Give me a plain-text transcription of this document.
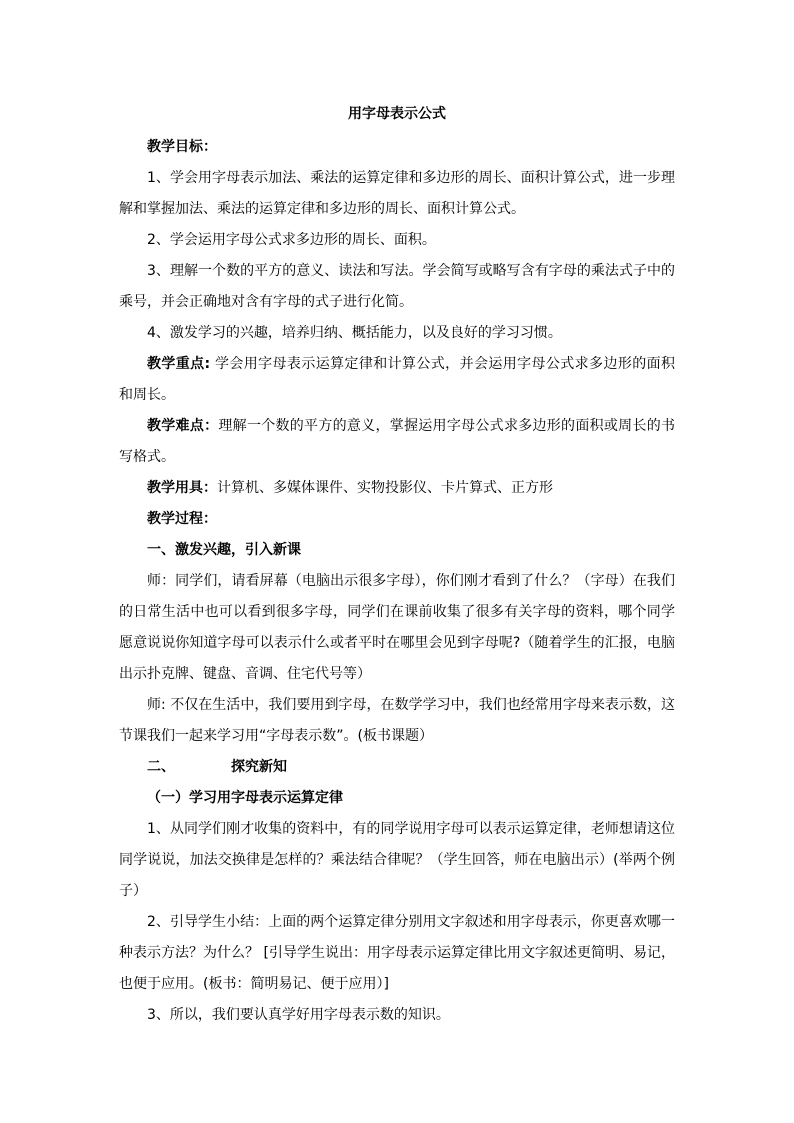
用字母表示公式

教学目标：

1、学会用字母表示加法、乘法的运算定律和多边形的周长、面积计算公式，进一步理解和掌握加法、乘法的运算定律和多边形的周长、面积计算公式。

2、学会运用字母公式求多边形的周长、面积。

3、理解一个数的平方的意义、读法和写法。学会简写或略写含有字母的乘法式子中的乘号，并会正确地对含有字母的式子进行化简。

4、激发学习的兴趣，培养归纳、概括能力，以及良好的学习习惯。

教学重点: 学会用字母表示运算定律和计算公式，并会运用字母公式求多边形的面积和周长。

教学难点：理解一个数的平方的意义，掌握运用字母公式求多边形的面积或周长的书写格式。

教学用具：计算机、多媒体课件、实物投影仪、卡片算式、正方形

教学过程：

一、激发兴趣，引入新课

师：同学们，请看屏幕（电脑出示很多字母），你们刚才看到了什么？（字母）在我们的日常生活中也可以看到很多字母，同学们在课前收集了很多有关字母的资料，哪个同学愿意说说你知道字母可以表示什么或者平时在哪里会见到字母呢?（随着学生的汇报，电脑出示扑克牌、键盘、音调、住宅代号等）

师: 不仅在生活中，我们要用到字母，在数学学习中，我们也经常用字母来表示数，这节课我们一起来学习用“字母表示数”。(板书课题）

二、	探究新知

（一）学习用字母表示运算定律

1、从同学们刚才收集的资料中，有的同学说用字母可以表示运算定律，老师想请这位同学说说，加法交换律是怎样的？乘法结合律呢？（学生回答，师在电脑出示）(举两个例子）

2、引导学生小结：上面的两个运算定律分别用文字叙述和用字母表示，你更喜欢哪一种表示方法？为什么？ [引导学生说出：用字母表示运算定律比用文字叙述更简明、易记，也便于应用。(板书：简明易记、便于应用）]

3、所以，我们要认真学好用字母表示数的知识。
